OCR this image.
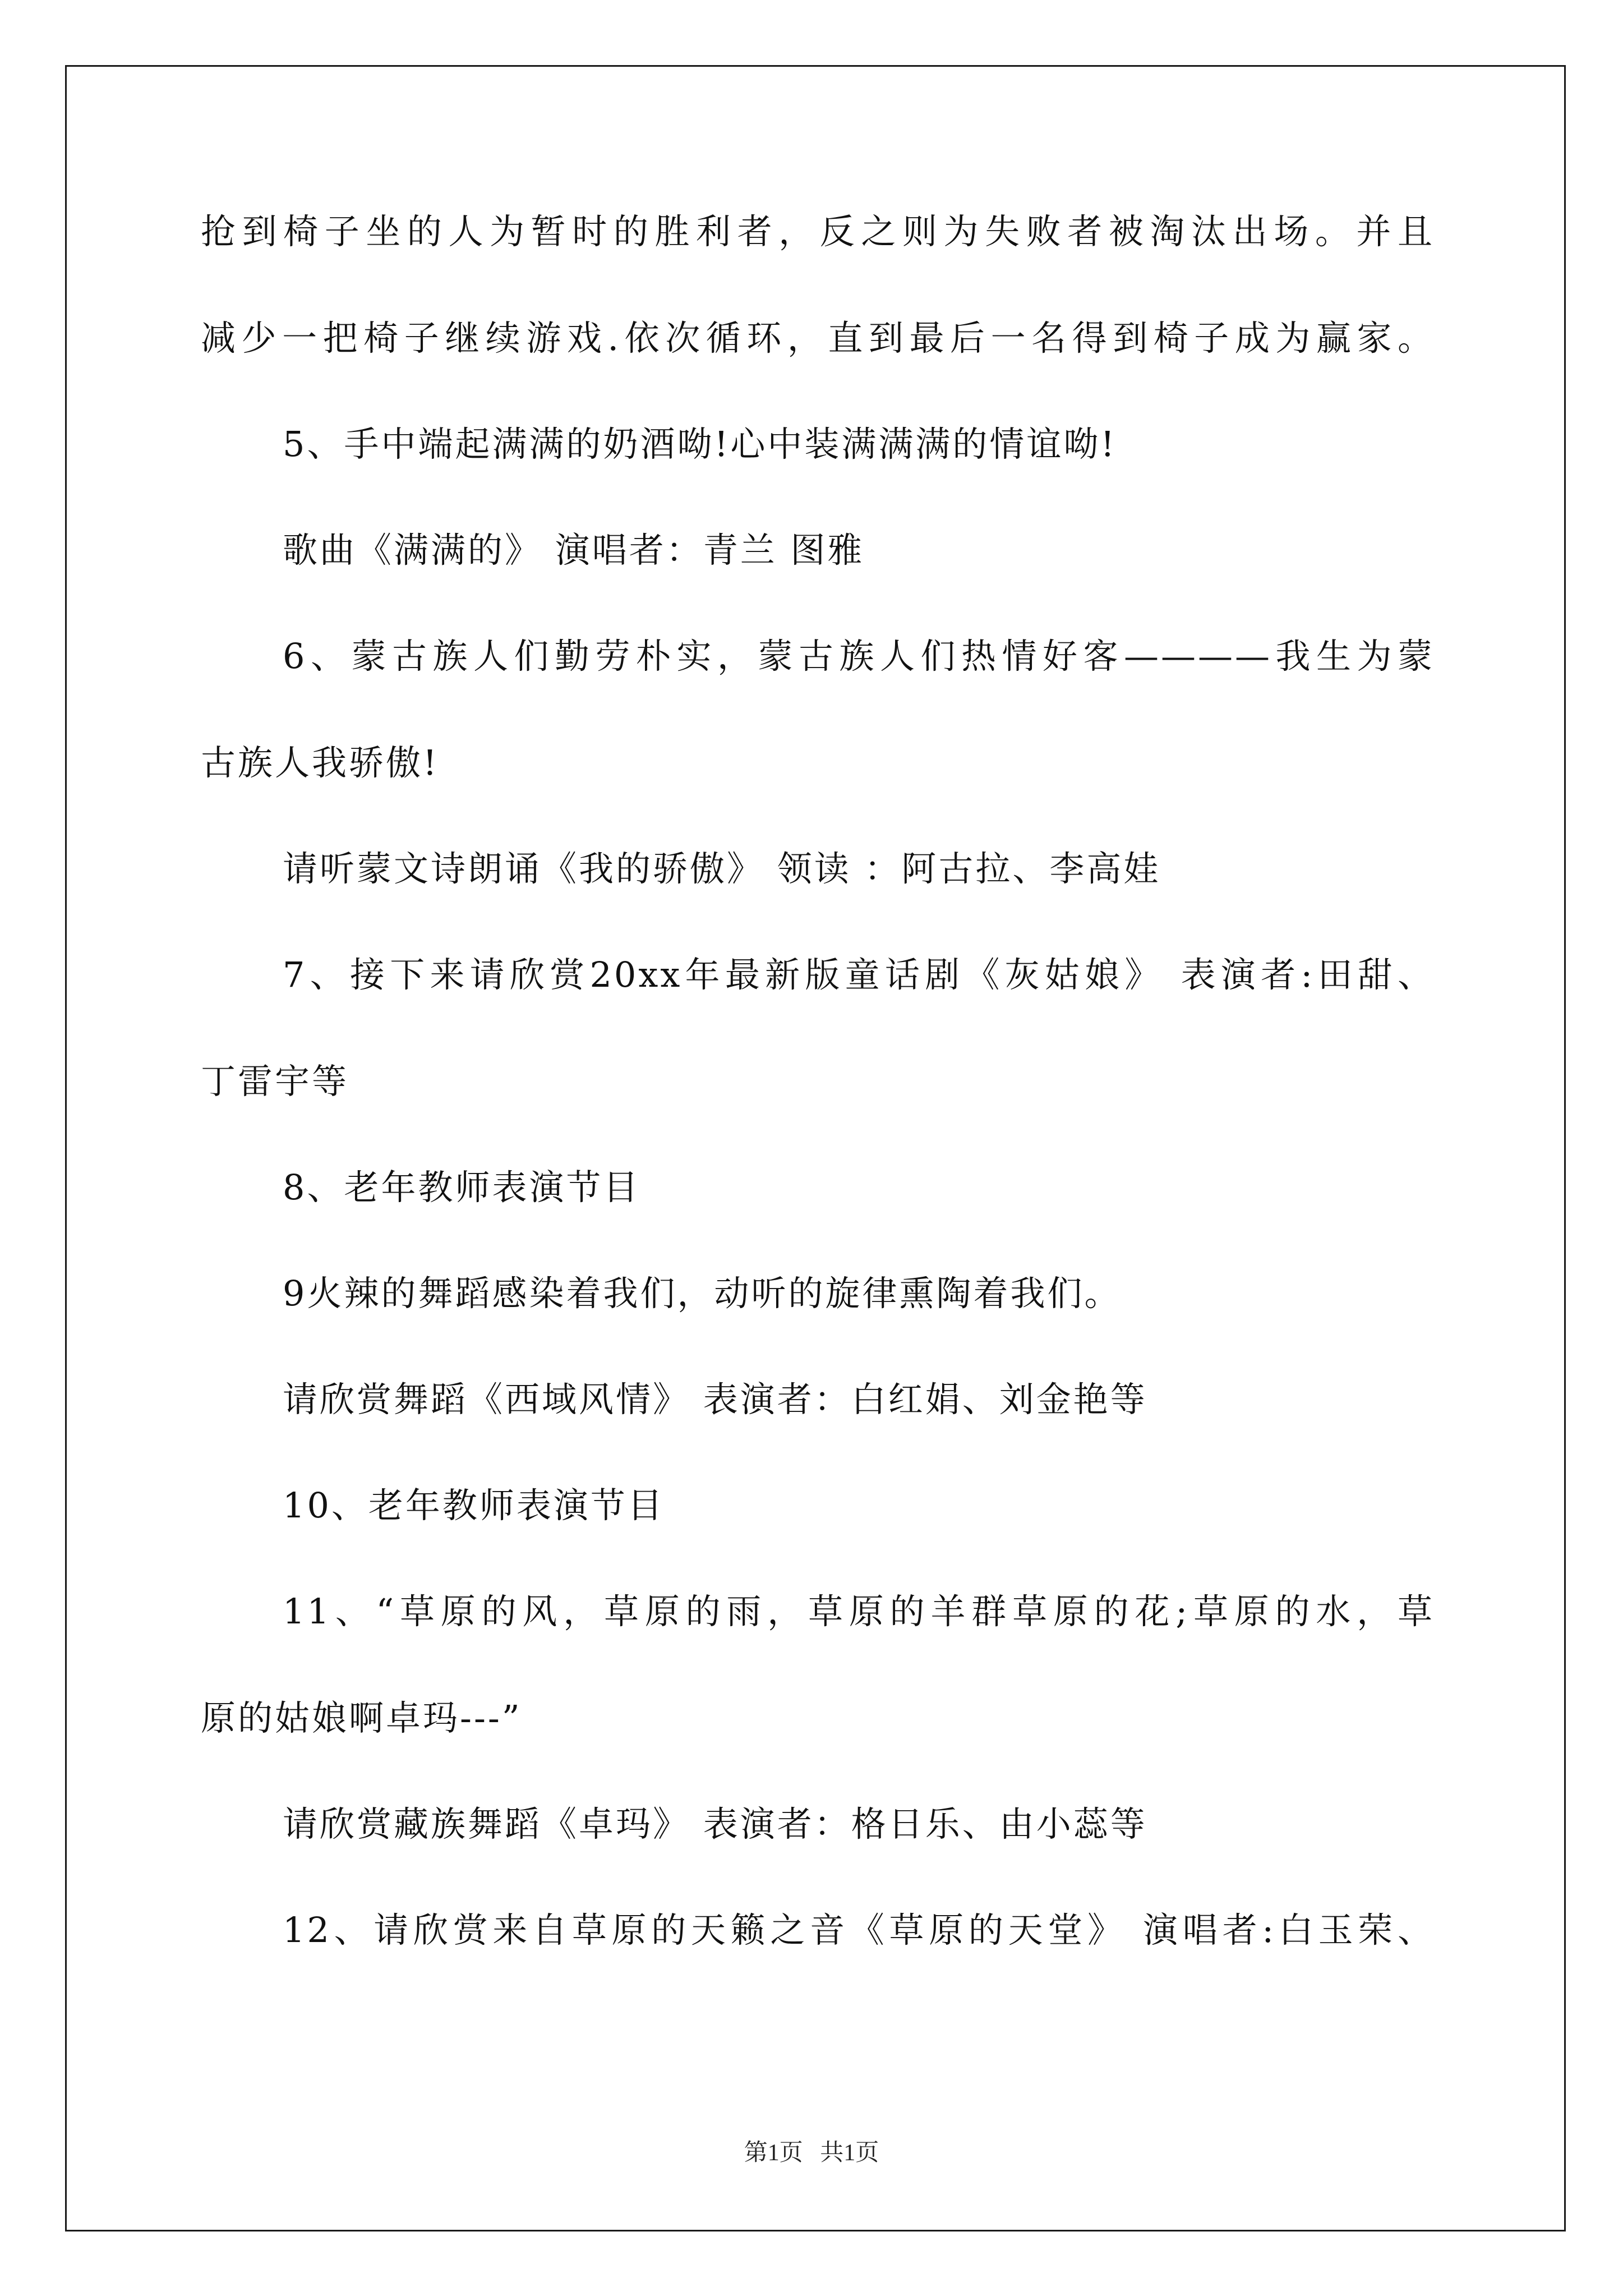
抢到椅子坐的人为暂时的胜利者，反之则为失败者被淘汰出场。并且
减少一把椅子继续游戏.依次循环，直到最后一名得到椅子成为赢家。
5、手中端起满满的奶酒呦!心中装满满满的情谊呦!
歌曲《满满的》 演唱者：青兰 图雅
6、蒙古族人们勤劳朴实，蒙古族人们热情好客————我生为蒙
古族人我骄傲!
请听蒙文诗朗诵《我的骄傲》 领读 ：阿古拉、李高娃
7、接下来请欣赏20xx年最新版童话剧《灰姑娘》 表演者:田甜、
丁雷宇等
8、老年教师表演节目
9火辣的舞蹈感染着我们，动听的旋律熏陶着我们。
请欣赏舞蹈《西域风情》 表演者：白红娟、刘金艳等
10、老年教师表演节目
11、“草原的风，草原的雨，草原的羊群草原的花;草原的水，草
原的姑娘啊卓玛---”
请欣赏藏族舞蹈《卓玛》 表演者：格日乐、由小蕊等
12、请欣赏来自草原的天籁之音《草原的天堂》 演唱者:白玉荣、
第1页 共1页
